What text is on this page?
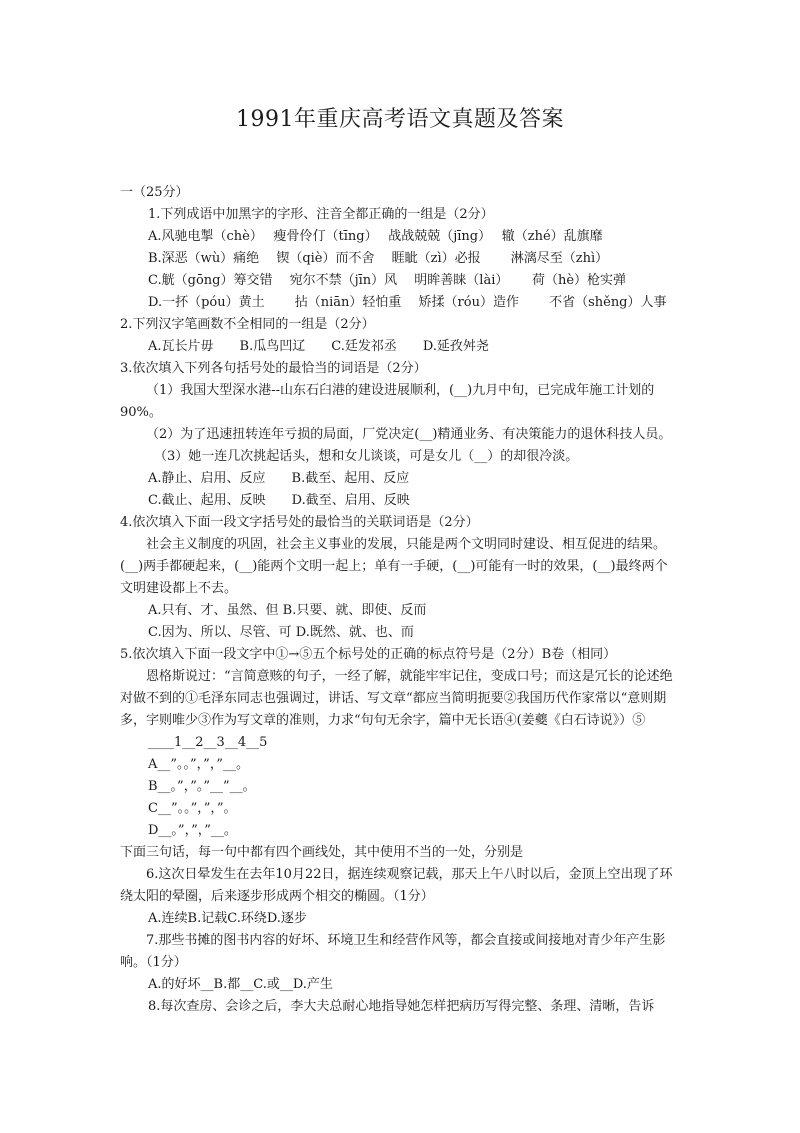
1991年重庆高考语文真题及答案
一（25分）
1.下列成语中加黑字的字形、注音全都正确的一组是（2分）
A.风驰电掣（chè）　 瘦骨伶仃（tīng）　 战战兢兢（jīng）　 辙（zhé）乱旗靡
B.深恶（wù）痛绝　 锲（qiè）而不舍　 睚眦（zì）必报　　 淋漓尽至（zhì）
C.觥（gōng）筹交错　 宛尔不禁（jīn）风　 明眸善睐（lài）　　 荷（hè）枪实弹
D.一抔（póu）黄土　　 拈（niān）轻怕重　 矫揉（róu）造作　　 不省（shěng）人事
2.下列汉字笔画数不全相同的一组是（2分）
A.瓦长片毋　　B.瓜鸟凹辽　　C.廷发祁丞　　D.延孜舛尧
3.依次填入下列各句括号处的最恰当的词语是（2分）
（1）我国大型深水港--山东石臼港的建设进展顺利，(__)九月中旬，已完成年施工计划的90%。
（2）为了迅速扭转连年亏损的局面，厂党决定(__)精通业务、有决策能力的退休科技人员。
（3）她一连几次挑起话头，想和女儿谈谈，可是女儿（__）的却很冷淡。
A.静止、启用、反应　　B.截至、起用、反应
C.截止、起用、反映　　D.截至、启用、反映
4.依次填入下面一段文字括号处的最恰当的关联词语是（2分）
社会主义制度的巩固，社会主义事业的发展，只能是两个文明同时建设、相互促进的结果。(__)两手都硬起来，(__)能两个文明一起上；单有一手硬，(__)可能有一时的效果，(__)最终两个文明建设都上不去。
A.只有、才、虽然、但 B.只要、就、即使、反而
C.因为、所以、尽管、可 D.既然、就、也、而
5.依次填入下面一段文字中①→⑤五个标号处的正确的标点符号是（2分）B卷（相同）
恩格斯说过：“言简意赅的句子，一经了解，就能牢牢记住，变成口号；而这是冗长的论述绝对做不到的①毛泽东同志也强调过，讲话、写文章“都应当简明扼要②我国历代作家常以“意则期多，字则唯少③作为写文章的准则，力求“句句无余字，篇中无长语④(姜夔《白石诗说》）⑤
____1__2__3__4__5
A__”。。”，”，”__。
B__。”，”。”__”__。
C__”。。”，”，”。
D__。”，”，”__。
下面三句话，每一句中都有四个画线处，其中使用不当的一处，分别是
6.这次日晕发生在去年10月22日，据连续观察记载，那天上午八时以后，金顶上空出现了环绕太阳的晕圈，后来逐步形成两个相交的椭圆。（1分）
A.连续B.记载C.环绕D.逐步
7.那些书摊的图书内容的好坏、环境卫生和经营作风等，都会直接或间接地对青少年产生影响。（1分）
A.的好坏__B.都__C.或__D.产生
8.每次查房、会诊之后，李大夫总耐心地指导她怎样把病历写得完整、条理、清晰，告诉
